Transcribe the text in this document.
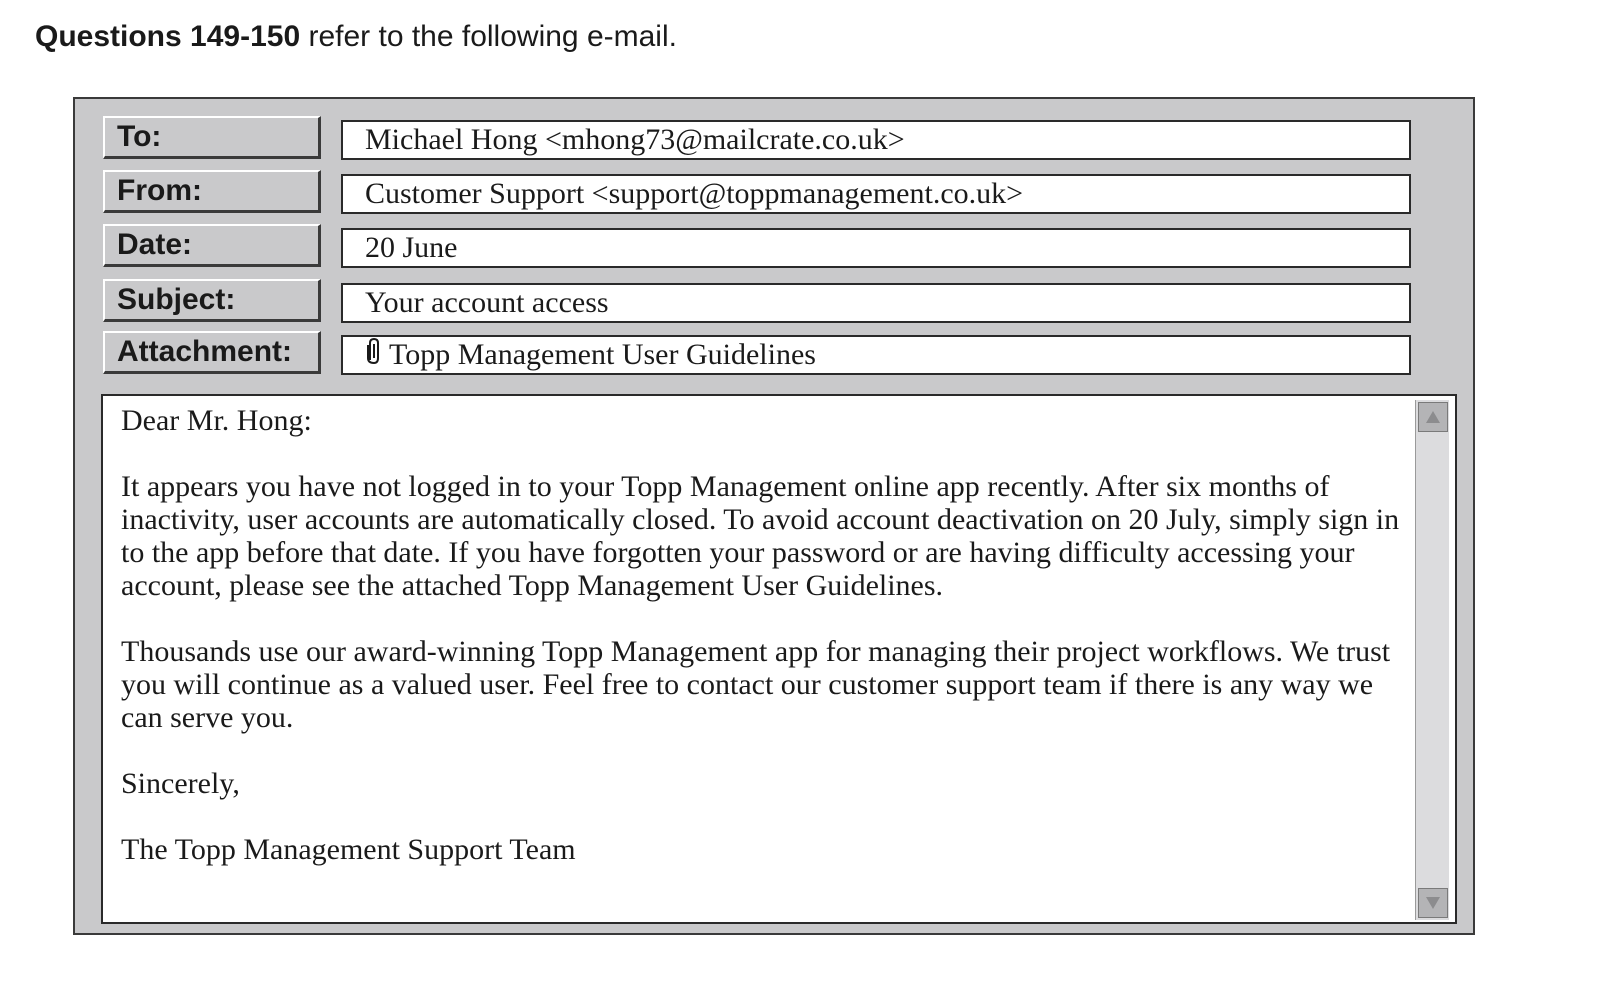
Questions 149-150 refer to the following e-mail.
To:	Michael Hong <mhong73@mailcrate.co.uk>
From:	Customer Support <support@toppmanagement.co.uk>
Date:	20 June
Subject:	Your account access
Attachment:	Topp Management User Guidelines

Dear Mr. Hong:

It appears you have not logged in to your Topp Management online app recently. After six months of inactivity, user accounts are automatically closed. To avoid account deactivation on 20 July, simply sign in to the app before that date. If you have forgotten your password or are having difficulty accessing your account, please see the attached Topp Management User Guidelines.

Thousands use our award-winning Topp Management app for managing their project workflows. We trust you will continue as a valued user. Feel free to contact our customer support team if there is any way we can serve you.

Sincerely,

The Topp Management Support Team
